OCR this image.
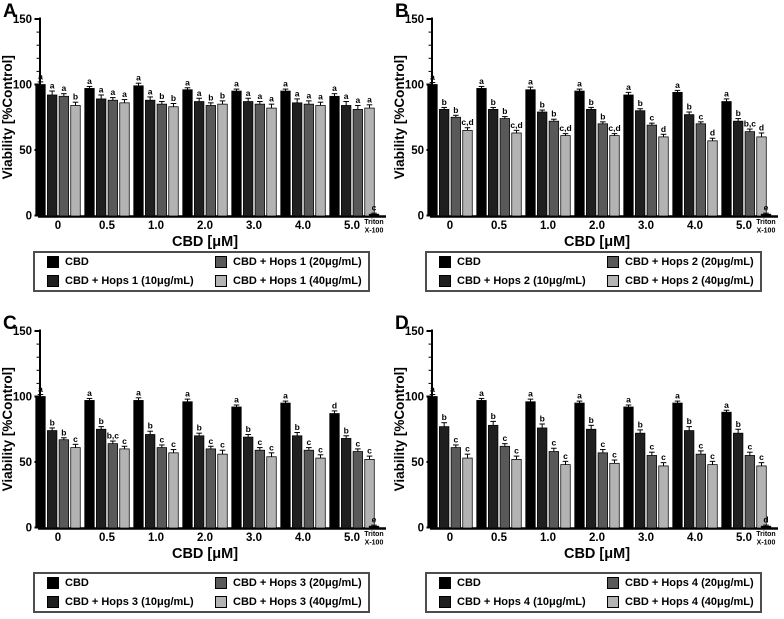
A
Viability [%Control]
0
50
100
150
a	a	a	a	a	a	a
a	a	a	a	a	a	a
a	a	b	b	a	a	a
b	a	b	b	a	a	a
0	0.5	1.0	2.0	3.0	4.0	5.0
c
Triton
X-100
CBD [μM]
B
Viability [%Control]
0
50
100
150
a	a	a	a	a	a
a
b	b	b	b	b	b
b
b	b	b	b	c	c
b,c
c,d	c,d	c,d	c,d	d	d
d
0	0.5	1.0	2.0	3.0	4.0	5.0
e
Triton
X-100
CBD [μM]
C
Viability [%Control]
0
50
100
150
a	a	a	a
a	a
d
b	b	b	b	b	b	b
b	b,c	c	c	c	c	c
c	c	c	c	c	c	c
0	0.5	1.0	2.0	3.0	4.0	5.0
e
Triton
X-100
CBD [μM]
D
Viability [%Control]
0
50
100
150
a	a	a	a	a	a
a
b	b	b	b	b	b	b
c	c	c	c	c	c	c
c	c
c	c	c	c	c
0	0.5	1.0	2.0	3.0	4.0	5.0
d
Triton
X-100
CBD [μM]
CBD
CBD + Hops 1 (10μg/mL)
CBD + Hops 1 (20μg/mL)
CBD + Hops 1 (40μg/mL)
CBD
CBD + Hops 2 (10μg/mL)
CBD + Hops 2 (20μg/mL)
CBD + Hops 2 (40μg/mL)
CBD
CBD + Hops 3 (10μg/mL)
CBD + Hops 3 (20μg/mL)
CBD + Hops 3 (40μg/mL)
CBD
CBD + Hops 4 (10μg/mL)
CBD + Hops 4 (20μg/mL)
CBD + Hops 4 (40μg/mL)
